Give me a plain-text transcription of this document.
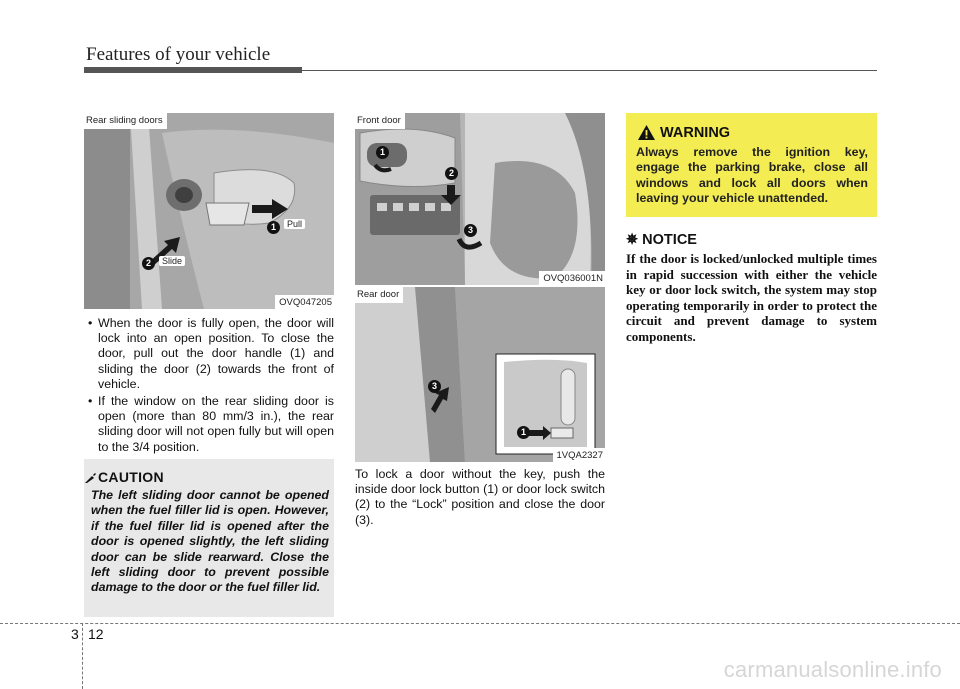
Features of your vehicle
1	Pull
2	Slide
Rear sliding doors
OVQ047205
1
2
3
Front door
OVQ036001N
1
3
Rear door
1VQA2327
• When the door is fully open, the door will lock into an open position. To close the door, pull out the door handle (1) and sliding the door (2) towards the front of vehicle.
• If the window on the rear sliding door is open (more than 80 mm/3 in.), the rear sliding door will not open fully but will open to the 3/4 position.
CAUTION
The left sliding door cannot be opened when the fuel filler lid is open. However, if the fuel filler lid is opened after the door is opened slightly, the left sliding door can be slide rearward. Close the left sliding door to prevent possible damage to the door or the fuel filler lid.
To lock a door without the key, push the inside door lock button (1) or door lock switch (2) to the “Lock” position and close the door (3).
WARNING
Always remove the ignition key, engage the parking brake, close all windows and lock all doors when leaving your vehicle unattended.
✵ NOTICE
If the door is locked/unlocked multiple times in rapid succession with either the vehicle key or door lock switch, the system may stop operating temporarily in order to protect the circuit and prevent damage to system components.
3 12
carmanualsonline.info
